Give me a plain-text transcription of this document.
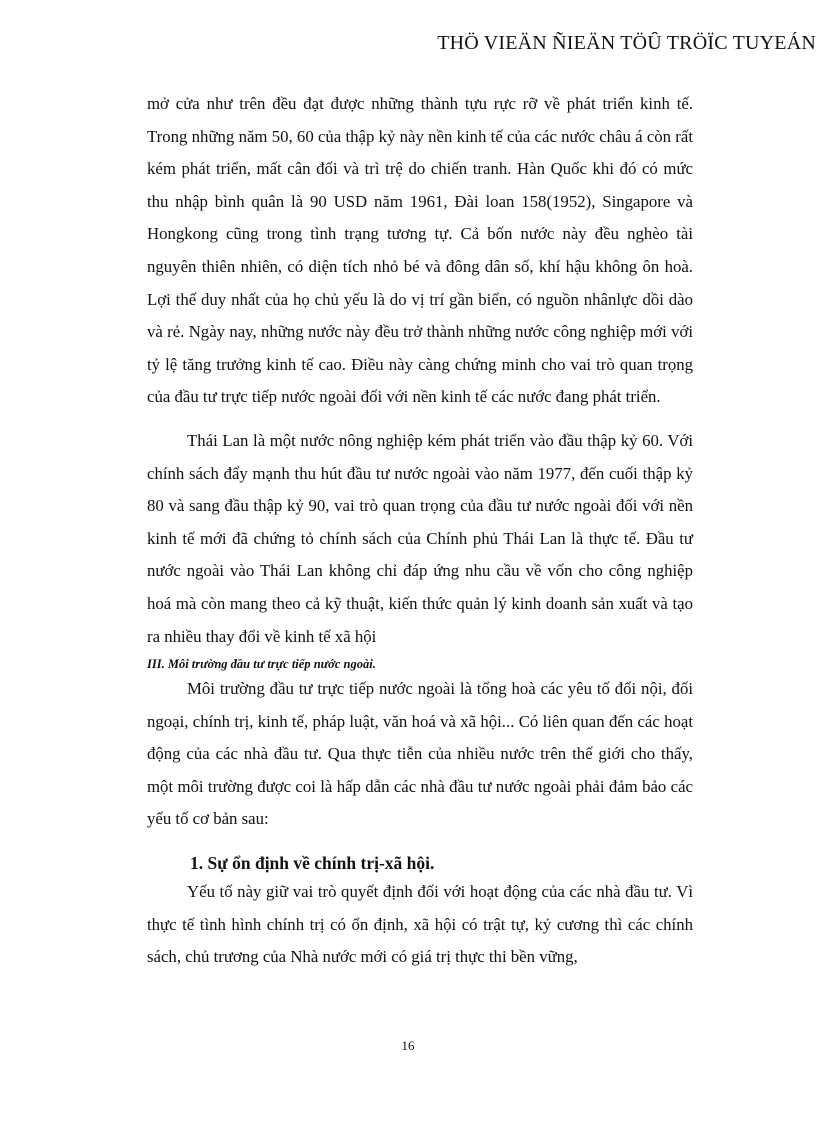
THÖ VIEÄN ÑIEÄN TÖÛ TRÖÏC TUYEÁN

mở cửa như trên đều đạt được những thành tựu rực rỡ về phát triển kinh tế. Trong những năm 50, 60 của thập kỷ này nền kinh tế của các nước châu á còn rất kém phát triển, mất cân đối và trì trệ do chiến tranh. Hàn Quốc khi đó có mức thu nhập bình quân là 90 USD năm 1961, Đài loan 158(1952), Singapore và Hongkong cũng trong tình trạng tương tự. Cả bốn nước này đều nghèo tài nguyên thiên nhiên, có diện tích nhỏ bé và đông dân số, khí hậu không ôn hoà. Lợi thế duy nhất của họ chủ yếu là do vị trí gần biển, có nguồn nhânlực dồi dào và rẻ. Ngày nay, những nước này đều trở thành những nước công nghiệp mới với tỷ lệ tăng trưởng kinh tế cao. Điều này càng chứng minh cho vai trò quan trọng của đầu tư trực tiếp nước ngoài đối với nền kinh tế các nước đang phát triển.

Thái Lan là một nước nông nghiệp kém phát triển vào đầu thập kỷ 60. Với chính sách đẩy mạnh thu hút đầu tư nước ngoài vào năm 1977, đến cuối thập kỷ 80 và sang đầu thập kỷ 90, vai trò quan trọng của đầu tư nước ngoài đối với nền kinh tế mới đã chứng tỏ chính sách của Chính phủ Thái Lan là thực tế. Đầu tư nước ngoài vào Thái Lan không chỉ đáp ứng nhu cầu về vốn cho công nghiệp hoá mà còn mang theo cả kỹ thuật, kiến thức quản lý kinh doanh sản xuất và tạo ra nhiều thay đổi về kinh tế xã hội

III. Môi trường đầu tư trực tiếp nước ngoài.

Môi trường đầu tư trực tiếp nước ngoài là tổng hoà các yêu tố đối nội, đối ngoại, chính trị, kinh tế, pháp luật, văn hoá và xã hội... Có liên quan đến các hoạt động của các nhà đầu tư. Qua thực tiễn của nhiều nước trên thế giới cho thấy, một môi trường được coi là hấp dẫn các nhà đầu tư nước ngoài phải đảm bảo các yếu tố cơ bản sau:

1. Sự ổn định về chính trị-xã hội.

Yếu tố này giữ vai trò quyết định đối với hoạt động của các nhà đầu tư. Vì thực tế tình hình chính trị có ổn định, xã hội có trật tự, kỷ cương thì các chính sách, chủ trương của Nhà nước mới có giá trị thực thi bền vững,

16
